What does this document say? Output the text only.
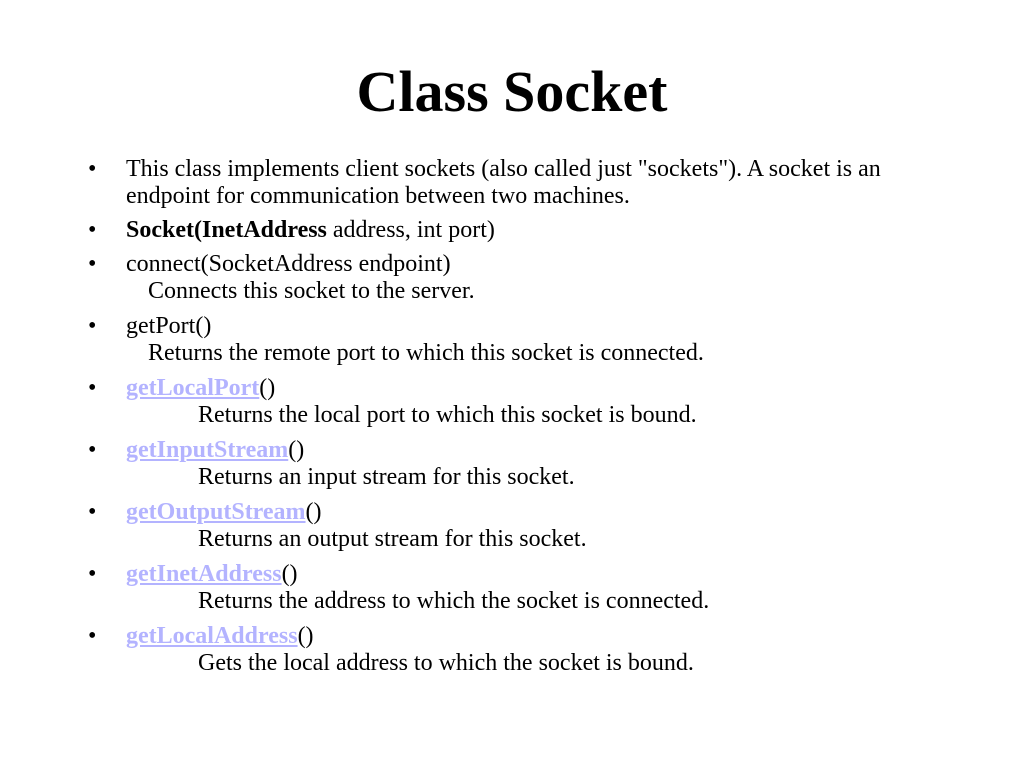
Class Socket
• This class implements client sockets (also called just "sockets"). A socket is an endpoint for communication between two machines.
• Socket(InetAddress address, int port)
• connect(SocketAddress endpoint)
Connects this socket to the server.
• getPort()
Returns the remote port to which this socket is connected.
• getLocalPort()
Returns the local port to which this socket is bound.
• getInputStream()
Returns an input stream for this socket.
• getOutputStream()
Returns an output stream for this socket.
• getInetAddress()
Returns the address to which the socket is connected.
• getLocalAddress()
Gets the local address to which the socket is bound.
